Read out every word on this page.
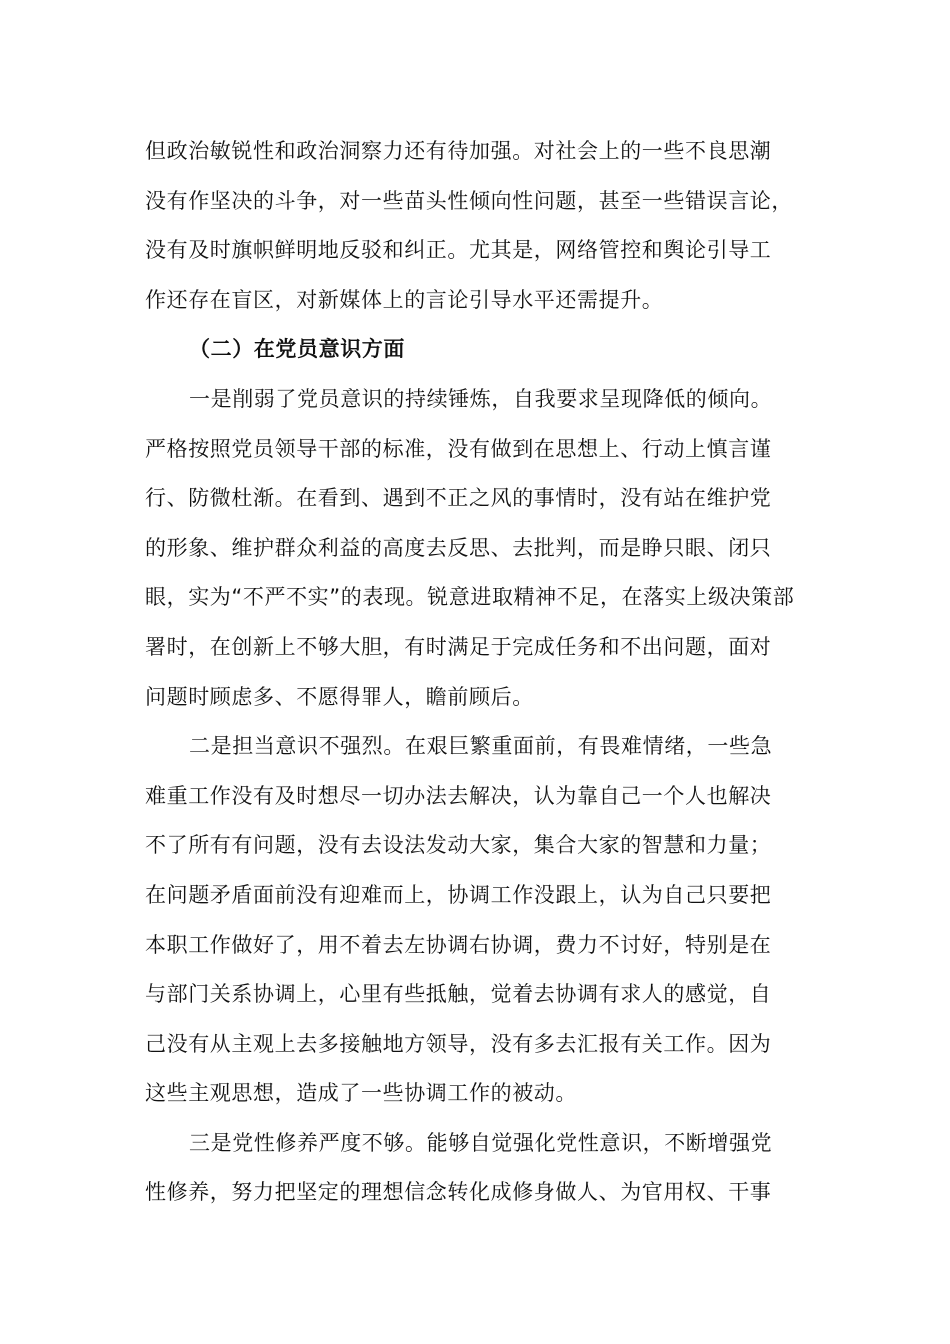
但政治敏锐性和政治洞察力还有待加强。对社会上的一些不良思潮
没有作坚决的斗争，对一些苗头性倾向性问题，甚至一些错误言论，
没有及时旗帜鲜明地反驳和纠正。尤其是，网络管控和舆论引导工
作还存在盲区，对新媒体上的言论引导水平还需提升。
（二）在党员意识方面
一是削弱了党员意识的持续锤炼，自我要求呈现降低的倾向。
严格按照党员领导干部的标准，没有做到在思想上、行动上慎言谨
行、防微杜渐。在看到、遇到不正之风的事情时，没有站在维护党
的形象、维护群众利益的高度去反思、去批判，而是睁只眼、闭只
眼，实为“不严不实”的表现。锐意进取精神不足，在落实上级决策部
署时，在创新上不够大胆，有时满足于完成任务和不出问题，面对
问题时顾虑多、不愿得罪人，瞻前顾后。
二是担当意识不强烈。在艰巨繁重面前，有畏难情绪，一些急
难重工作没有及时想尽一切办法去解决，认为靠自己一个人也解决
不了所有有问题，没有去设法发动大家，集合大家的智慧和力量；
在问题矛盾面前没有迎难而上，协调工作没跟上，认为自己只要把
本职工作做好了，用不着去左协调右协调，费力不讨好，特别是在
与部门关系协调上，心里有些抵触，觉着去协调有求人的感觉，自
己没有从主观上去多接触地方领导，没有多去汇报有关工作。因为
这些主观思想，造成了一些协调工作的被动。
三是党性修养严度不够。能够自觉强化党性意识，不断增强党
性修养，努力把坚定的理想信念转化成修身做人、为官用权、干事
